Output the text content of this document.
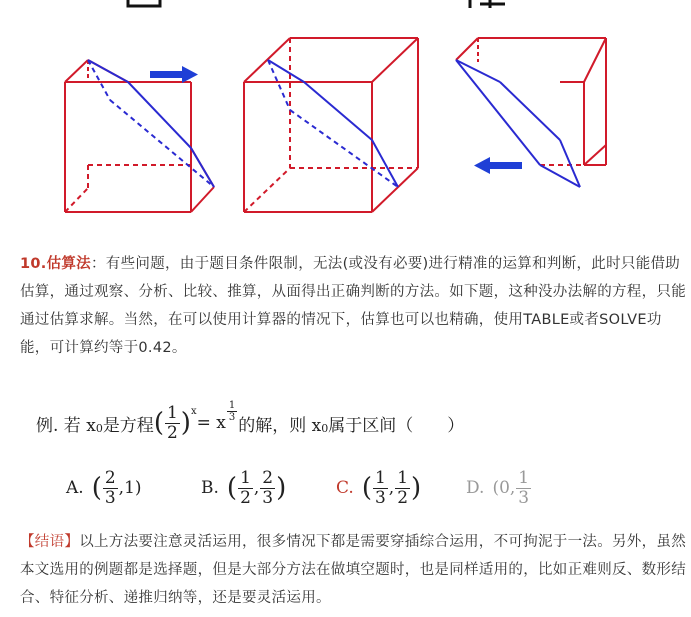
10.估算法：有些问题，由于题目条件限制，无法(或没有必要)进行精准的运算和判断，此时只能借助估算，通过观察、分析、比较、推算，从面得出正确判断的方法。如下题，这种没办法解的方程，只能通过估算求解。当然，在可以使用计算器的情况下，估算也可以也精确，使用TABLE或者SOLVE功能，可计算约等于0.42。

例. 若 x 0 是方程 ( $\frac{1}{2}$ ) x
= x
$\frac{1}{3}$
的解，则 x 0 属于区间（　　）
A. ( $\frac{2}{3} ,1$)	B. ( $\frac{1}{2}$ , $\frac{2}{3}$ )	C. ( $\frac{1}{3}$ , $\frac{1}{2}$ )	D. (0 , $\frac{1}{3}$

【结语】以上方法要注意灵活运用，很多情况下都是需要穿插综合运用，不可拘泥于一法。另外，虽然本文选用的例题都是选择题，但是大部分方法在做填空题时，也是同样适用的，比如正难则反、数形结合、特征分析、递推归纳等，还是要灵活运用。
